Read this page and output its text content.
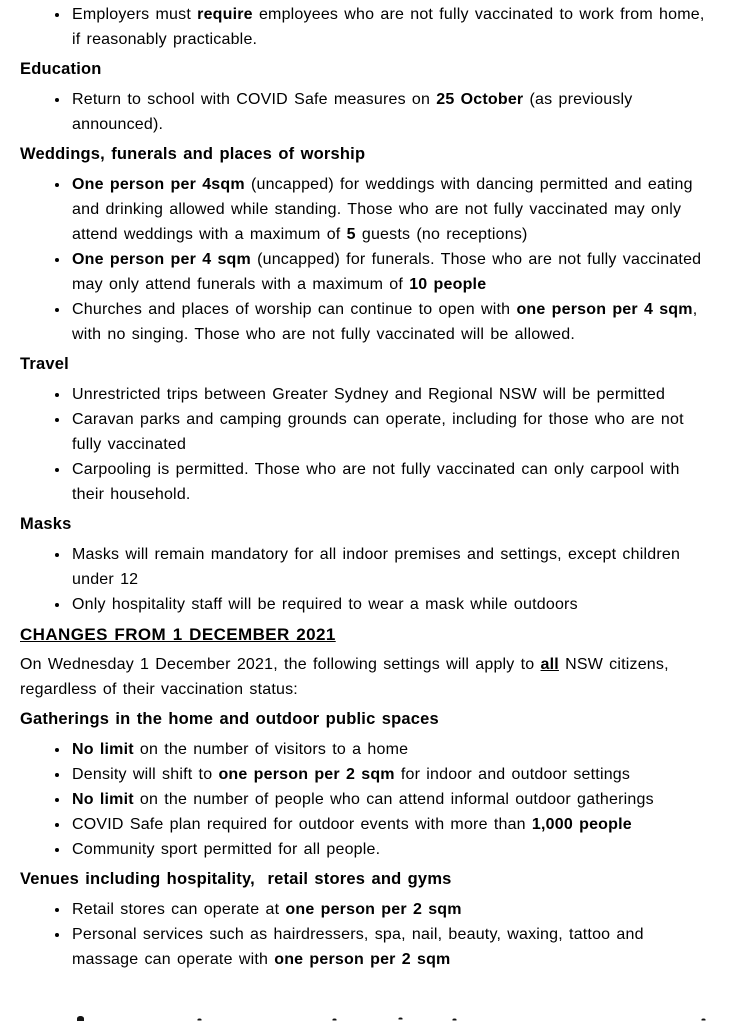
• Employers must require employees who are not fully vaccinated to work from home, if reasonably practicable.

Education

• Return to school with COVID Safe measures on 25 October (as previously announced).

Weddings, funerals and places of worship

• One person per 4sqm (uncapped) for weddings with dancing permitted and eating and drinking allowed while standing. Those who are not fully vaccinated may only attend weddings with a maximum of 5 guests (no receptions)
• One person per 4 sqm (uncapped) for funerals. Those who are not fully vaccinated may only attend funerals with a maximum of 10 people
• Churches and places of worship can continue to open with one person per 4 sqm, with no singing. Those who are not fully vaccinated will be allowed.

Travel

• Unrestricted trips between Greater Sydney and Regional NSW will be permitted
• Caravan parks and camping grounds can operate, including for those who are not fully vaccinated
• Carpooling is permitted. Those who are not fully vaccinated can only carpool with their household.

Masks

• Masks will remain mandatory for all indoor premises and settings, except children under 12
• Only hospitality staff will be required to wear a mask while outdoors

CHANGES FROM 1 DECEMBER 2021

On Wednesday 1 December 2021, the following settings will apply to all NSW citizens, regardless of their vaccination status:

Gatherings in the home and outdoor public spaces

• No limit on the number of visitors to a home
• Density will shift to one person per 2 sqm for indoor and outdoor settings
• No limit on the number of people who can attend informal outdoor gatherings
• COVID Safe plan required for outdoor events with more than 1,000 people
• Community sport permitted for all people.

Venues including hospitality,  retail stores and gyms

• Retail stores can operate at one person per 2 sqm
• Personal services such as hairdressers, spa, nail, beauty, waxing, tattoo and massage can operate with one person per 2 sqm
